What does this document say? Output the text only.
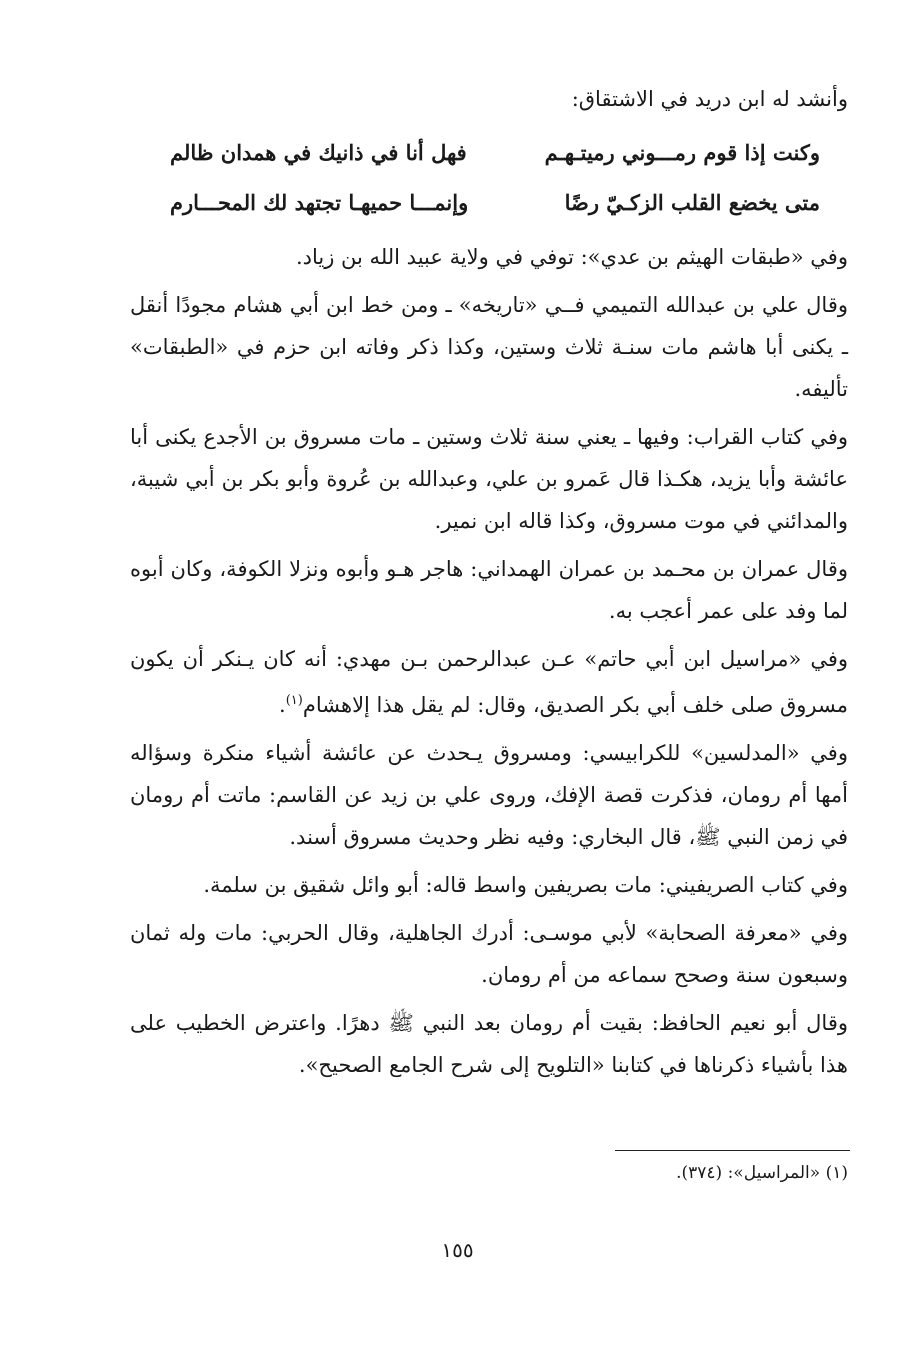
وأنشد له ابن دريد في الاشتقاق:

وكنت إذا قوم رمـــوني رميتـهـم
فهل أنا في ذانيك في همدان ظالم
متى يخضع القلب الزكـيّ رضًا
وإنمـــا حميهـا تجتهد لك المحـــارم

وفي «طبقات الهيثم بن عدي»: توفي في ولاية عبيد الله بن زياد.

وقال علي بن عبدالله التميمي فــي «تاريخه» ـ ومن خط ابن أبي هشام مجودًا أنقل ـ يكنى أبا هاشم مات سنـة ثلاث وستين، وكذا ذكر وفاته ابن حزم في «الطبقات» تأليفه.

وفي كتاب القراب: وفيها ـ يعني سنة ثلاث وستين ـ مات مسروق بن الأجدع يكنى أبا عائشة وأبا يزيد، هكـذا قال عَمرو بن علي، وعبدالله بن عُروة وأبو بكر بن أبي شيبة، والمدائني في موت مسروق، وكذا قاله ابن نمير.

وقال عمران بن محـمد بن عمران الهمداني: هاجر هـو وأبوه ونزلا الكوفة، وكان أبوه لما وفد على عمر أعجب به.

وفي «مراسيل ابن أبي حاتم» عـن عبدالرحمن بـن مهدي: أنه كان يـنكر أن يكون مسروق صلى خلف أبي بكر الصديق، وقال: لم يقل هذا إلاهشام$^{(١)}$.

وفي «المدلسين» للكرابيسي: ومسروق يـحدث عن عائشة أشياء منكرة وسؤاله أمها أم رومان، فذكرت قصة الإفك، وروى علي بن زيد عن القاسم: ماتت أم رومان في زمن النبي ﷺ، قال البخاري: وفيه نظر وحديث مسروق أسند.

وفي كتاب الصريفيني: مات بصريفين واسط قاله: أبو وائل شقيق بن سلمة.

وفي «معرفة الصحابة» لأبي موسـى: أدرك الجاهلية، وقال الحربي: مات وله ثمان وسبعون سنة وصحح سماعه من أم رومان.

وقال أبو نعيم الحافظ: بقيت أم رومان بعد النبي ﷺ دهرًا. واعترض الخطيب على هذا بأشياء ذكرناها في كتابنا «التلويح إلى شرح الجامع الصحيح».

(١) «المراسيل»: (٣٧٤).
١٥٥
